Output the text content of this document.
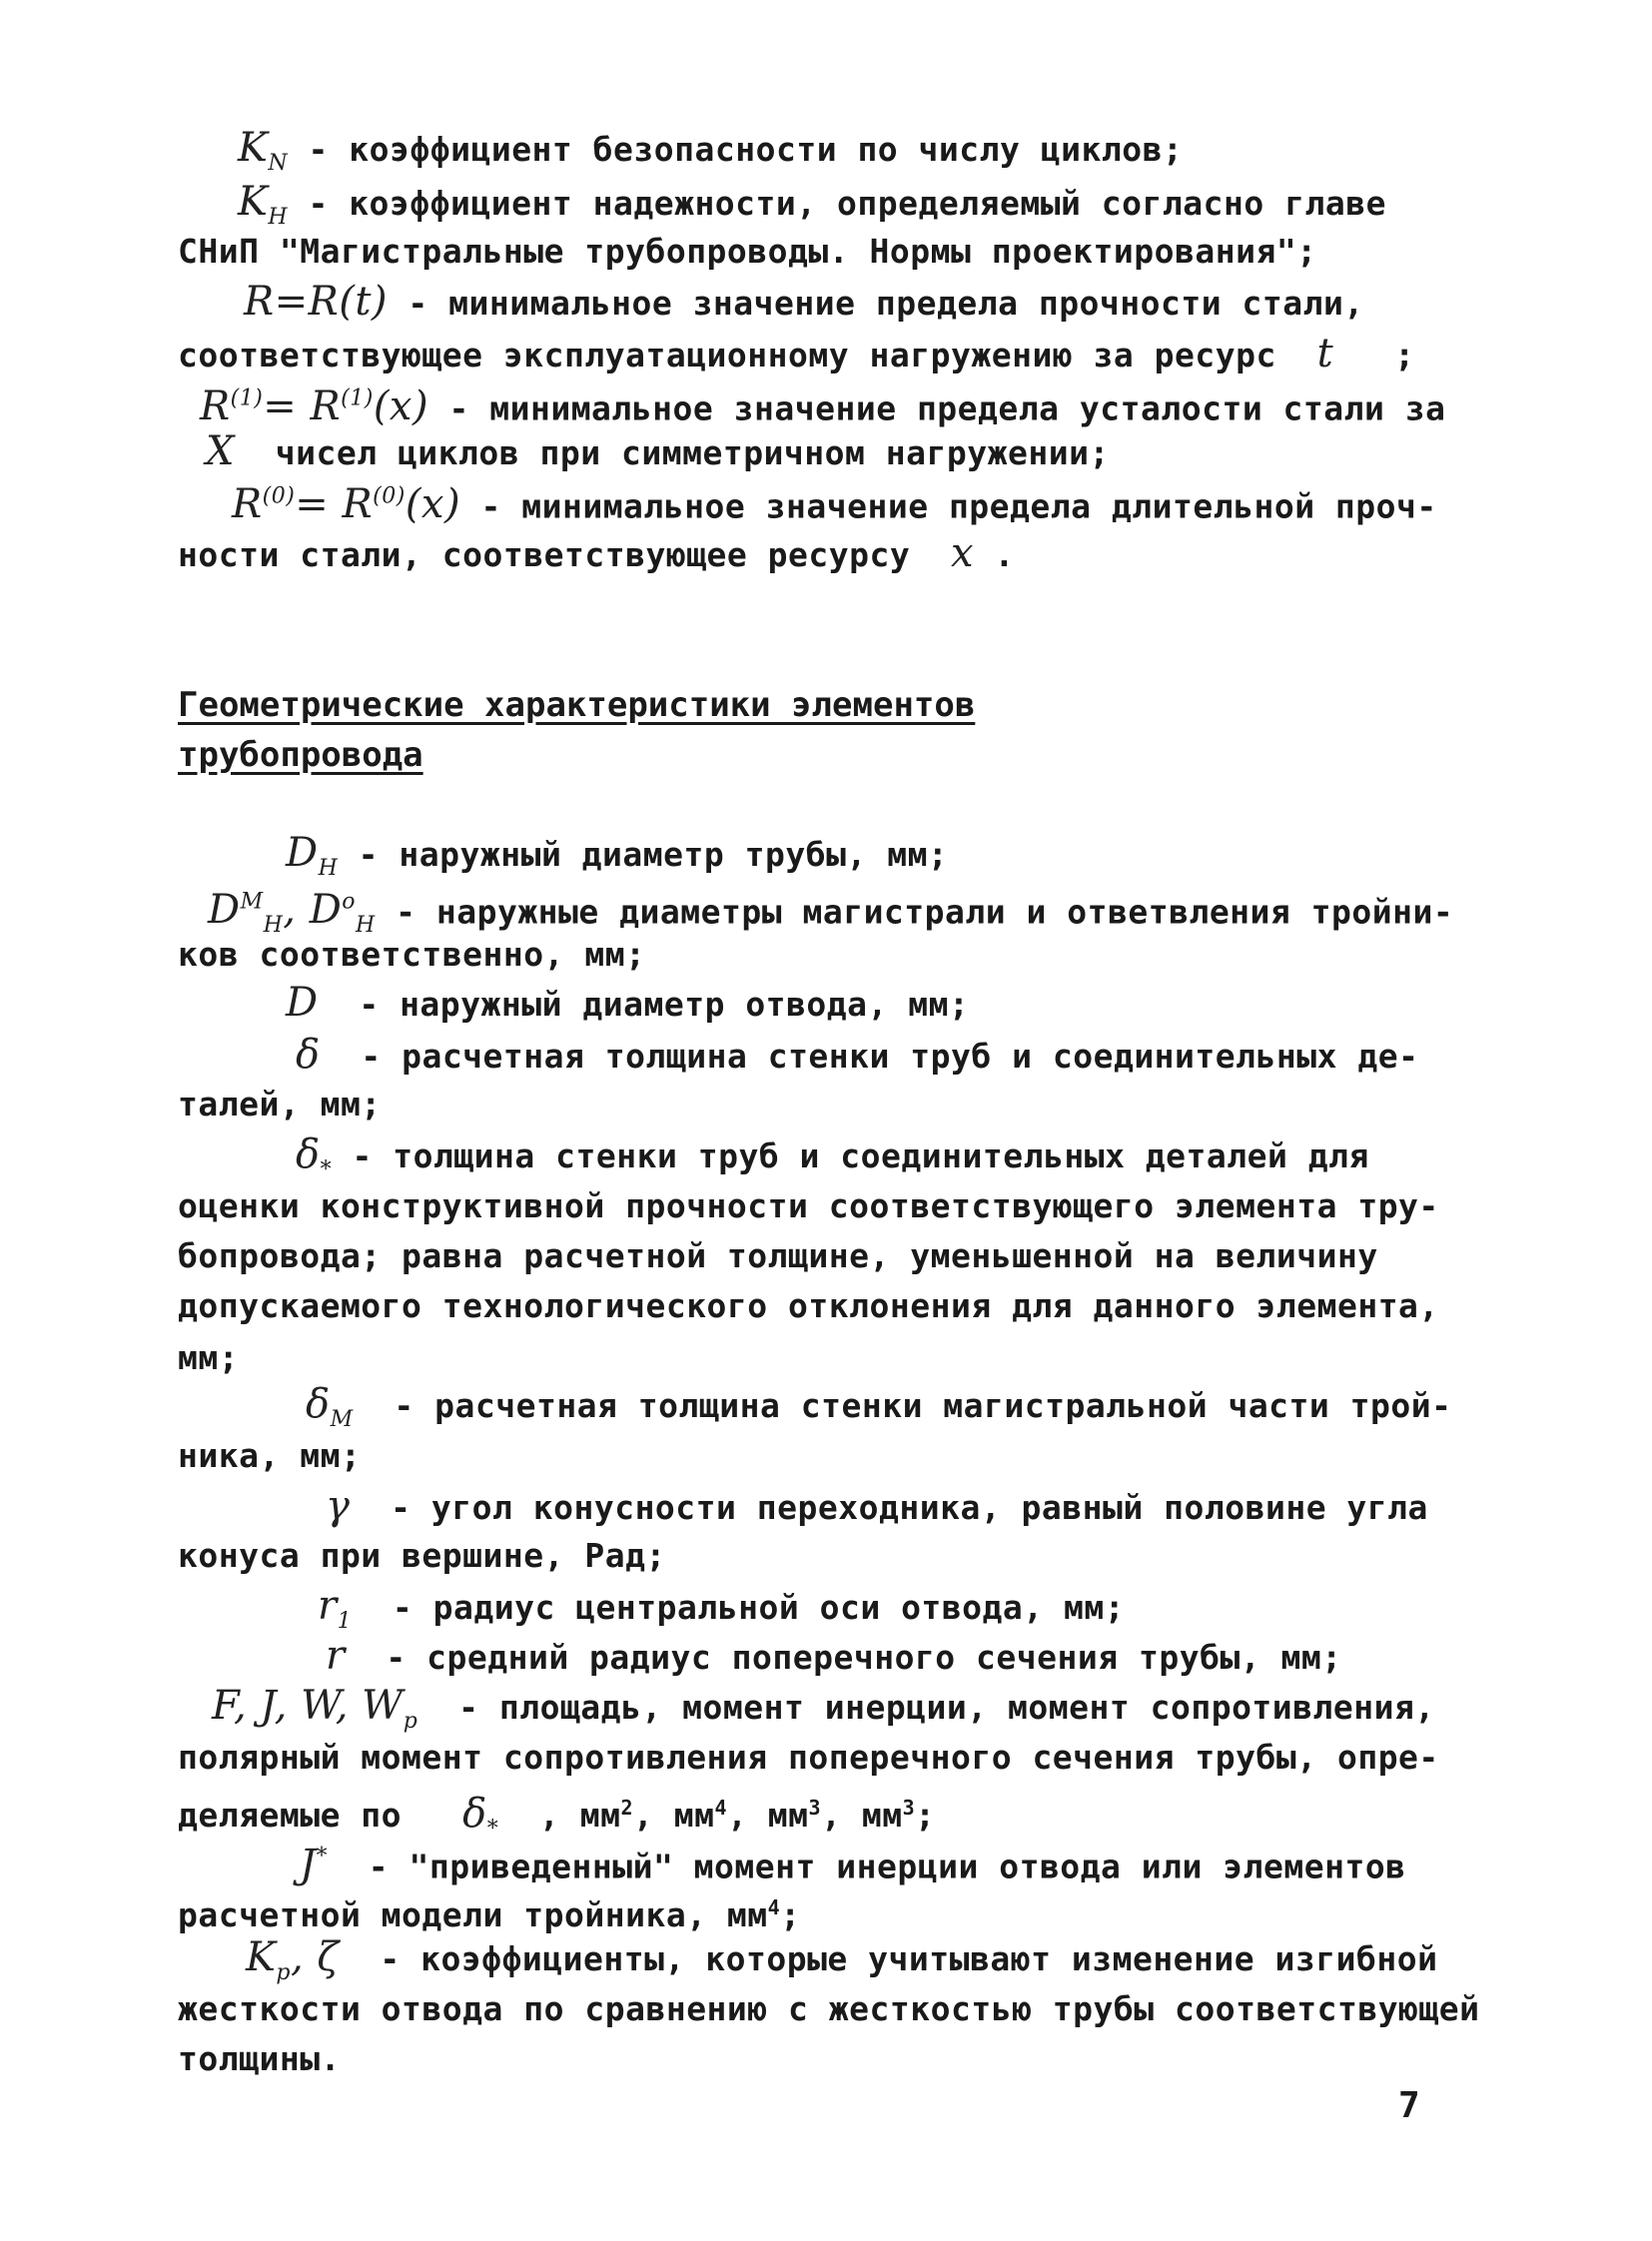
$K_N$ - коэффициент безопасности по числу циклов;
$K_H$ - коэффициент надежности, определяемый согласно главе
СНиП "Магистральные трубопроводы. Нормы проектирования";
R=R(t) - минимальное значение предела прочности стали,
соответствующее эксплуатационному нагружению за ресурс t ;
$R^{(1)}= R^{(1)}(x)$ - минимальное значение предела усталости стали за
X чисел циклов при симметричном нагружении;
$R^{(0)}= R^{(0)}(x)$ - минимальное значение предела длительной проч-
ности стали, соответствующее ресурсу x .
Геометрические характеристики элементов
трубопровода
$D_H$ - наружный диаметр трубы, мм;
$D^M_H$, $D^o_H$ - наружные диаметры магистрали и ответвления тройни-
ков соответственно, мм;
D - наружный диаметр отвода, мм;
δ - расчетная толщина стенки труб и соединительных де-
талей, мм;
$\delta_*$ - толщина стенки труб и соединительных деталей для
оценки конструктивной прочности соответствующего элемента тру-
бопровода; равна расчетной толщине, уменьшенной на величину
допускаемого технологического отклонения для данного элемента,
мм;
$\delta_M$ - расчетная толщина стенки магистральной части трой-
ника, мм;
γ - угол конусности переходника, равный половине угла
конуса при вершине, Рад;
$r_1$ - радиус центральной оси отвода, мм;
r - средний радиус поперечного сечения трубы, мм;
F, J, W, $W_p$ - площадь, момент инерции, момент сопротивления,
полярный момент сопротивления поперечного сечения трубы, опре-
деляемые по $\delta_*$ , $мм^2$, $мм^4$, $мм^3$, $мм^3$;
J* - "приведенный" момент инерции отвода или элементов
расчетной модели тройника, $мм^4$;
$K_p$, ζ - коэффициенты, которые учитывают изменение изгибной
жесткости отвода по сравнению с жесткостью трубы соответствующей
толщины.
7
